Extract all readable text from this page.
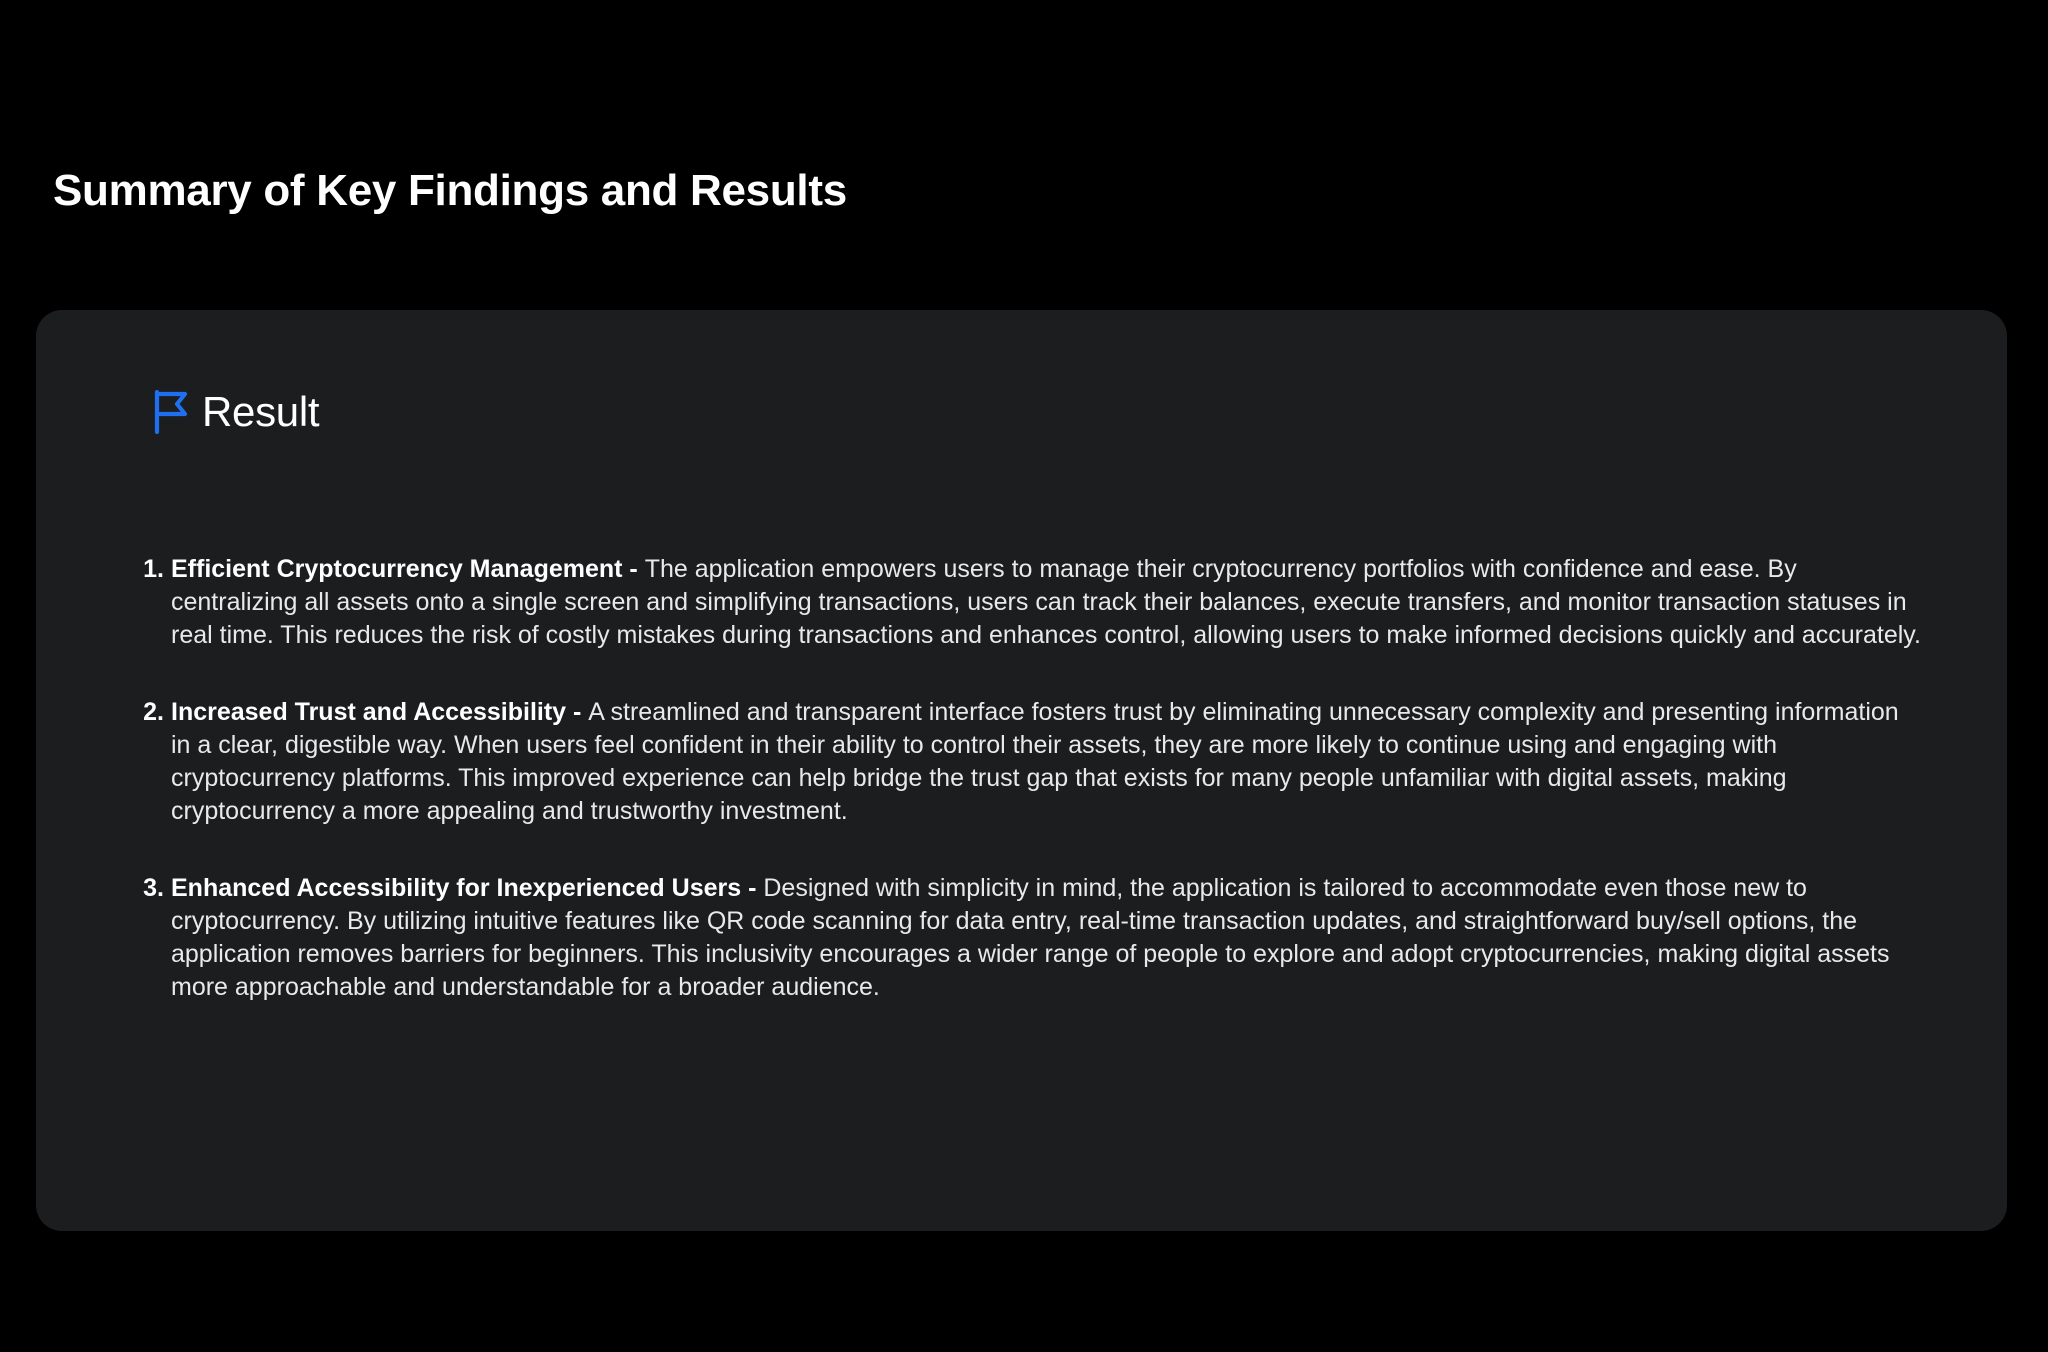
Summary of Key Findings and Results
Result
1. Efficient Cryptocurrency Management - The application empowers users to manage their cryptocurrency portfolios with confidence and ease. By centralizing all assets onto a single screen and simplifying transactions, users can track their balances, execute transfers, and monitor transaction statuses in real time. This reduces the risk of costly mistakes during transactions and enhances control, allowing users to make informed decisions quickly and accurately.
2. Increased Trust and Accessibility - A streamlined and transparent interface fosters trust by eliminating unnecessary complexity and presenting information in a clear, digestible way. When users feel confident in their ability to control their assets, they are more likely to continue using and engaging with cryptocurrency platforms. This improved experience can help bridge the trust gap that exists for many people unfamiliar with digital assets, making cryptocurrency a more appealing and trustworthy investment.
3. Enhanced Accessibility for Inexperienced Users - Designed with simplicity in mind, the application is tailored to accommodate even those new to cryptocurrency. By utilizing intuitive features like QR code scanning for data entry, real-time transaction updates, and straightforward buy/sell options, the application removes barriers for beginners. This inclusivity encourages a wider range of people to explore and adopt cryptocurrencies, making digital assets more approachable and understandable for a broader audience.
